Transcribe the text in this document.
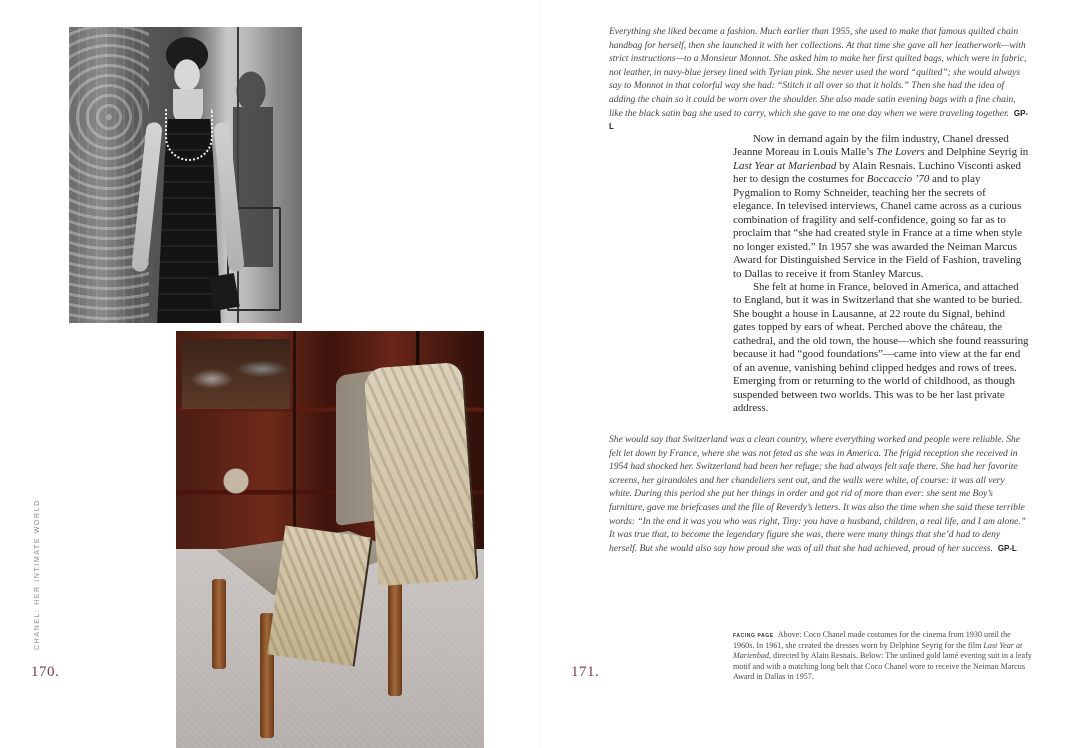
CHANEL: HER INTIMATE WORLD
170.

Everything she liked became a fashion. Much earlier than 1955, she used to make that famous quilted chain handbag for herself, then she launched it with her collections. At that time she gave all her leatherwork—with strict instructions—to a Monsieur Monnot. She asked him to make her first quilted bags, which were in fabric, not leather, in navy-blue jersey lined with Tyrian pink. She never used the word “quilted”; she would always say to Monnot in that colorful way she had: “Stitch it all over so that it holds.” Then she had the idea of adding the chain so it could be worn over the shoulder. She also made satin evening bags with a fine chain, like the black satin bag she used to carry, which she gave to me one day when we were traveling together. GP-L

Now in demand again by the film industry, Chanel dressed Jeanne Moreau in Louis Malle’s The Lovers and Delphine Seyrig in Last Year at Marienbad by Alain Resnais. Luchino Visconti asked her to design the costumes for Boccaccio ’70 and to play Pygmalion to Romy Schneider, teaching her the secrets of elegance. In televised interviews, Chanel came across as a curious combination of fragility and self-confidence, going so far as to proclaim that “she had created style in France at a time when style no longer existed.” In 1957 she was awarded the Neiman Marcus Award for Distinguished Service in the Field of Fashion, traveling to Dallas to receive it from Stanley Marcus.

She felt at home in France, beloved in America, and attached to England, but it was in Switzerland that she wanted to be buried. She bought a house in Lausanne, at 22 route du Signal, behind gates topped by ears of wheat. Perched above the château, the cathedral, and the old town, the house—which she found reassuring because it had “good foundations”—came into view at the far end of an avenue, vanishing behind clipped hedges and rows of trees. Emerging from or returning to the world of childhood, as though suspended between two worlds. This was to be her last private address.

She would say that Switzerland was a clean country, where everything worked and people were reliable. She felt let down by France, where she was not feted as she was in America. The frigid reception she received in 1954 had shocked her. Switzerland had been her refuge; she had always felt safe there. She had her favorite screens, her girandoles and her chandeliers sent out, and the walls were white, of course: it was all very white. During this period she put her things in order and got rid of more than ever: she sent me Boy’s furniture, gave me briefcases and the file of Reverdy’s letters. It was also the time when she said these terrible words: “In the end it was you who was right, Tiny: you have a husband, children, a real life, and I am alone.” It was true that, to become the legendary figure she was, there were many things that she’d had to deny herself. But she would also say how proud she was of all that she had achieved, proud of her success. GP-L

FACING PAGE Above: Coco Chanel made costumes for the cinema from 1930 until the 1960s. In 1961, she created the dresses worn by Delphine Seyrig for the film Last Year at Marienbad, directed by Alain Resnais. Below: The unlined gold lamé evening suit in a leafy motif and with a matching long belt that Coco Chanel wore to receive the Neiman Marcus Award in Dallas in 1957.
171.
